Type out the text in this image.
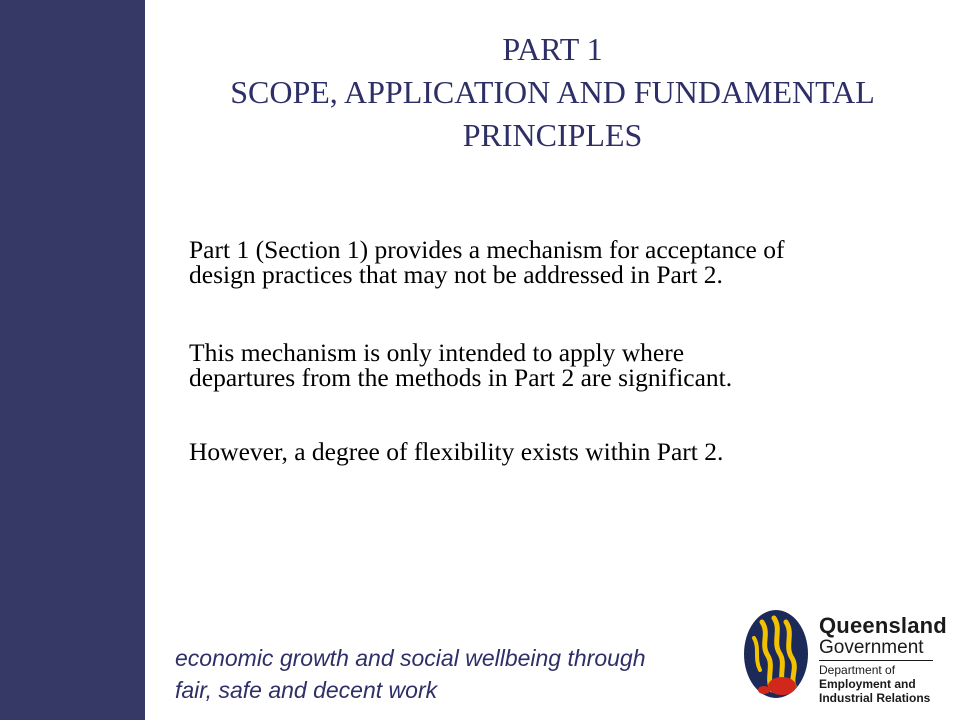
PART 1
SCOPE, APPLICATION AND FUNDAMENTAL
PRINCIPLES
Part 1 (Section 1) provides a mechanism for acceptance of
design practices that may not be addressed in Part 2.
This mechanism is only intended to apply where
departures from the methods in Part 2 are significant.
However, a degree of flexibility exists within Part 2.
economic growth and social wellbeing through
fair, safe and decent work
Queensland
Government
Department of
Employment and
Industrial Relations
